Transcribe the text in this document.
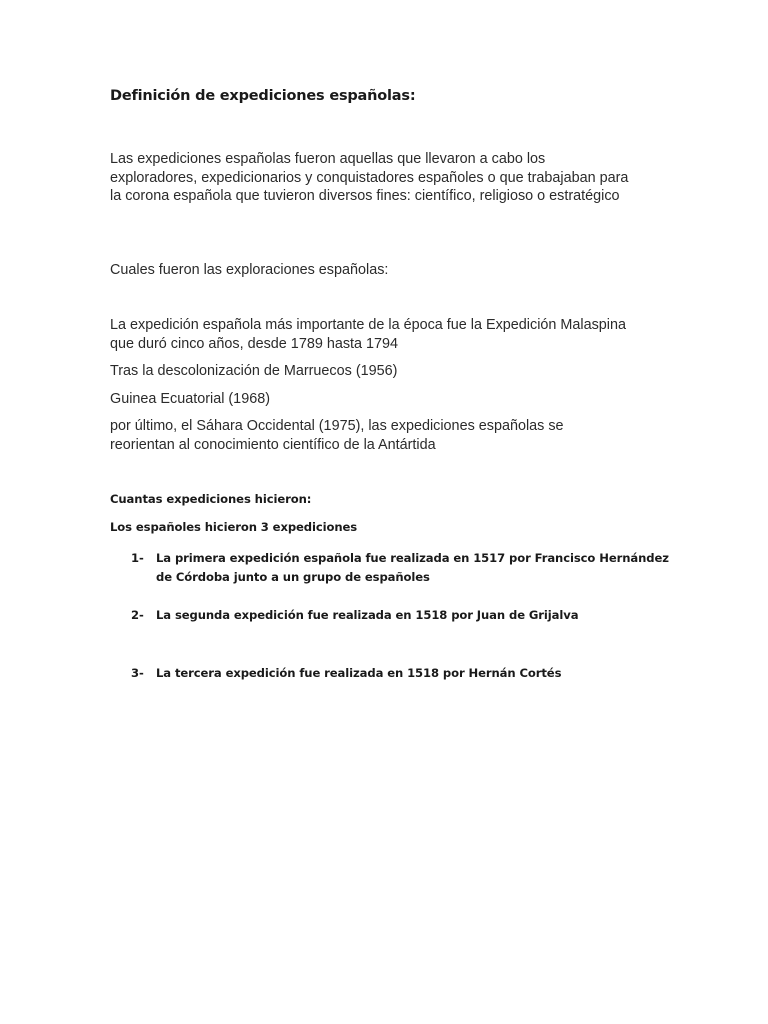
Definición de expediciones españolas:

Las expediciones españolas fueron aquellas que llevaron a cabo los exploradores, expedicionarios y conquistadores españoles o que trabajaban para la corona española que tuvieron diversos fines: científico, religioso o estratégico

Cuales fueron las exploraciones españolas:

La expedición española más importante de la época fue la Expedición Malaspina que duró cinco años, desde 1789 hasta 1794

Tras la descolonización de Marruecos (1956)

Guinea Ecuatorial (1968)

por último, el Sáhara Occidental (1975), las expediciones españolas se reorientan al conocimiento científico de la Antártida

Cuantas expediciones hicieron:

Los españoles hicieron 3 expediciones

1- La primera expedición española fue realizada en 1517 por Francisco Hernández de Córdoba junto a un grupo de españoles
2- La segunda expedición fue realizada en 1518 por Juan de Grijalva
3- La tercera expedición fue realizada en 1518 por Hernán Cortés
